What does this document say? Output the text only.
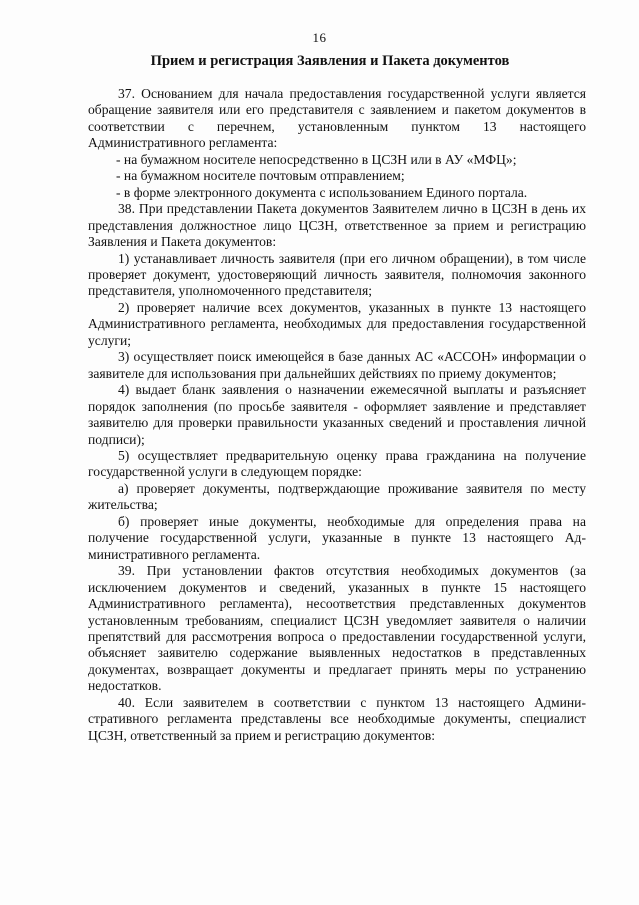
16
Прием и регистрация Заявления и Пакета документов

37. Основанием для начала предоставления государственной услуги является обращение заявителя или его представителя с заявлением и пакетом документов в соответствии с перечнем, установленным пунктом 13 настоящего Административного регламента:

- на бумажном носителе непосредственно в ЦСЗН или в АУ «МФЦ»;

- на бумажном носителе почтовым отправлением;

- в форме электронного документа с использованием Единого портала.

38. При представлении Пакета документов Заявителем лично в ЦСЗН в день их представления должностное лицо ЦСЗН, ответственное за прием и регистрацию Заявления и Пакета документов:

1) устанавливает личность заявителя (при его личном обращении), в том числе проверяет документ, удостоверяющий личность заявителя, полномочия законного представителя, уполномоченного представителя;

2) проверяет наличие всех документов, указанных в пункте 13 настоящего Административного регламента, необходимых для предоставления государственной услуги;

3) осуществляет поиск имеющейся в базе данных АС «АССОН» информации о заявителе для использования при дальнейших действиях по приему документов;

4) выдает бланк заявления о назначении ежемесячной выплаты и разъясняет порядок заполнения (по просьбе заявителя - оформляет заявление и представляет заявителю для проверки правильности указанных сведений и проставления личной подписи);

5) осуществляет предварительную оценку права гражданина на получение государственной услуги в следующем порядке:

а) проверяет документы, подтверждающие проживание заявителя по месту жительства;

б) проверяет иные документы, необходимые для определения права на получение государственной услуги, указанные в пункте 13 настоящего Административного регламента.

39. При установлении фактов отсутствия необходимых документов (за исключением документов и сведений, указанных в пункте 15 настоящего Административного регламента), несоответствия представленных документов установленным требованиям, специалист ЦСЗН уведомляет заявителя о наличии препятствий для рассмотрения вопроса о предоставлении государственной услуги, объясняет заявителю содержание выявленных недостатков в представленных документах, возвращает документы и предлагает принять меры по устранению недостатков.

40. Если заявителем в соответствии с пунктом 13 настоящего Административного регламента представлены все необходимые документы, специалист ЦСЗН, ответственный за прием и регистрацию документов:
